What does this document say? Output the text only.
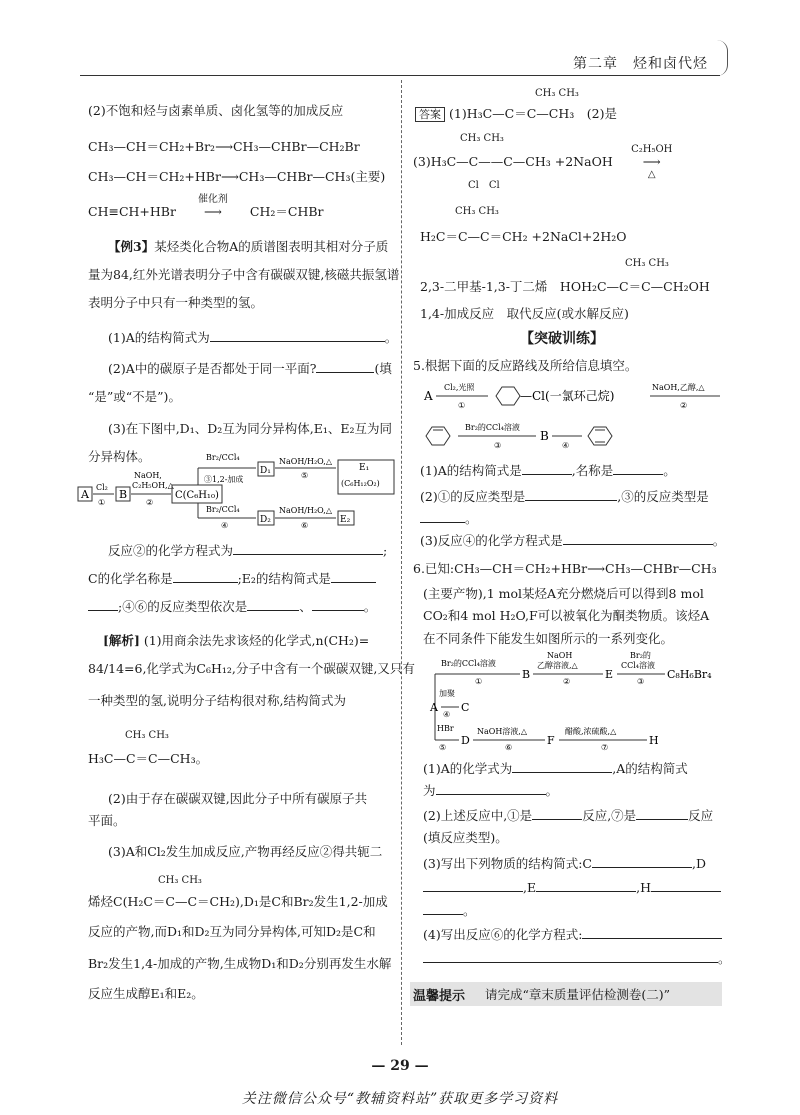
第二章　烃和卤代烃
(2)不饱和烃与卤素单质、卤化氢等的加成反应
CH₃—CH＝CH₂+Br₂⟶CH₃—CHBr—CH₂Br
CH₃—CH＝CH₂+HBr⟶CH₃—CHBr—CH₃(主要)
CH≡CH+HBr
催化剂
⟶ CH₂＝CHBr
【例3】某烃类化合物A的质谱图表明其相对分子质
量为84,红外光谱表明分子中含有碳碳双键,核磁共振氢谱
表明分子中只有一种类型的氢。
(1)A的结构简式为	。
(2)A中的碳原子是否都处于同一平面?	(填
“是”或“不是”)。
(3)在下图中,D₁、D₂互为同分异构体,E₁、E₂互为同
分异构体。
A
Cl₂
①
B
NaOH,
C₂H₅OH,△
②
C(C₆H₁₀)
Br₂/CCl₄
③1,2-加成
D₁
NaOH/H₂O,△
⑤
E₁
(C₆H₁₂O₂)
Br₂/CCl₄
④
D₂
NaOH/H₂O,△
⑥
E₂
反应②的化学方程式为	;
C的化学名称是	;E₂的结构简式是
;④⑥的反应类型依次是	、	。
[解析] (1)用商余法先求该烃的化学式,n(CH₂)=
84/14=6,化学式为C₆H₁₂,分子中含有一个碳碳双键,又只有
一种类型的氢,说明分子结构很对称,结构简式为
CH₃ CH₃
H₃C—C＝C—CH₃。
(2)由于存在碳碳双键,因此分子中所有碳原子共
平面。
(3)A和Cl₂发生加成反应,产物再经反应②得共轭二
CH₃ CH₃
烯烃C(H₂C＝C—C＝CH₂),D₁是C和Br₂发生1,2-加成
反应的产物,而D₁和D₂互为同分异构体,可知D₂是C和
Br₂发生1,4-加成的产物,生成物D₁和D₂分别再发生水解
反应生成醇E₁和E₂。
CH₃ CH₃
答案 (1)H₃C—C＝C—CH₃　(2)是
CH₃ CH₃
(3)H₃C—C——C—CH₃ +2NaOH
C₂H₅OH
⟶
△
Cl　Cl
CH₃ CH₃
H₂C＝C—C＝CH₂ +2NaCl+2H₂O
CH₃ CH₃
2,3-二甲基-1,3-丁二烯　HOH₂C—C＝C—CH₂OH
1,4-加成反应　取代反应(或水解反应)
【突破训练】
5.根据下面的反应路线及所给信息填空。
A
Cl₂,光照
①
—Cl(一氯环己烷)
NaOH,乙醇,△
②
Br₂的CCl₄溶液
③
B
④
(1)A的结构简式是	,名称是	。
(2)①的反应类型是	,③的反应类型是
。
(3)反应④的化学方程式是	。
6.已知:CH₃—CH＝CH₂+HBr⟶CH₃—CHBr—CH₃
(主要产物),1 mol某烃A充分燃烧后可以得到8 mol
CO₂和4 mol H₂O,F可以被氧化为酮类物质。该烃A
在不同条件下能发生如图所示的一系列变化。
Br₂的CCl₄溶液
①
B
NaOH
乙醇溶液,△
②
E
Br₂的
CCl₄溶液
③
C₈H₆Br₄
A
加聚
④
C
HBr
⑤
D
NaOH溶液,△
⑥
F
醋酸,浓硫酸,△
⑦
H
(1)A的化学式为	,A的结构简式
为	。
(2)上述反应中,①是	反应,⑦是	反应
(填反应类型)。
(3)写出下列物质的结构简式:C	,D
,E	,H
。
(4)写出反应⑥的化学方程式:
。
温馨提示 请完成“章末质量评估检测卷(二)”
— 29 —
关注微信公众号“教辅资料站”获取更多学习资料
